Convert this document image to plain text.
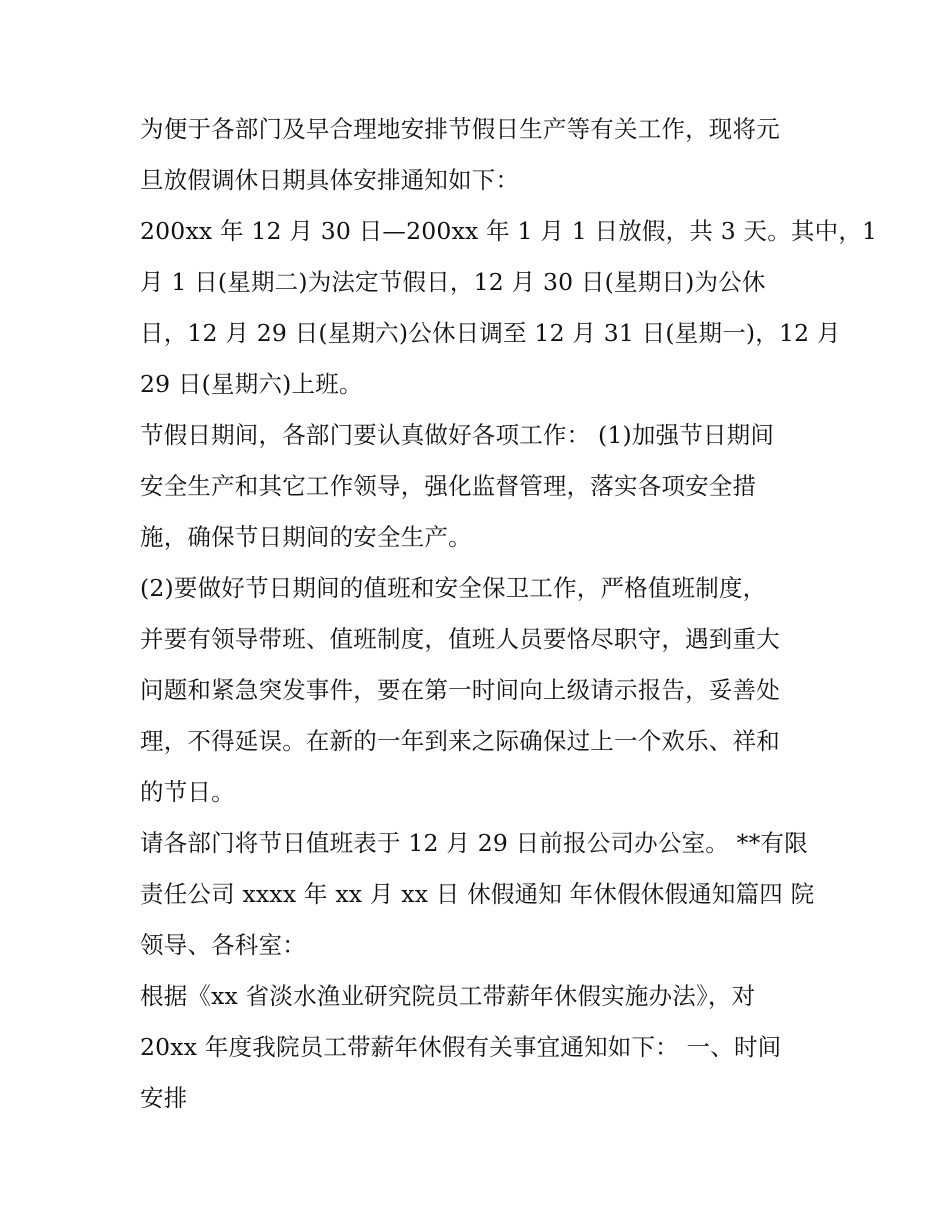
为便于各部门及早合理地安排节假日生产等有关工作，现将元
旦放假调休日期具体安排通知如下：
200xx 年 12 月 30 日—200xx 年 1 月 1 日放假，共 3 天。其中，1
月 1 日(星期二)为法定节假日，12 月 30 日(星期日)为公休
日，12 月 29 日(星期六)公休日调至 12 月 31 日(星期一)，12 月
29 日(星期六)上班。
节假日期间，各部门要认真做好各项工作： (1)加强节日期间
安全生产和其它工作领导，强化监督管理，落实各项安全措
施，确保节日期间的安全生产。
(2)要做好节日期间的值班和安全保卫工作，严格值班制度，
并要有领导带班、值班制度，值班人员要恪尽职守，遇到重大
问题和紧急突发事件，要在第一时间向上级请示报告，妥善处
理，不得延误。在新的一年到来之际确保过上一个欢乐、祥和
的节日。
请各部门将节日值班表于 12 月 29 日前报公司办公室。 **有限
责任公司 xxxx 年 xx 月 xx 日 休假通知 年休假休假通知篇四 院
领导、各科室：
根据《xx 省淡水渔业研究院员工带薪年休假实施办法》，对
20xx 年度我院员工带薪年休假有关事宜通知如下： 一、时间
安排
